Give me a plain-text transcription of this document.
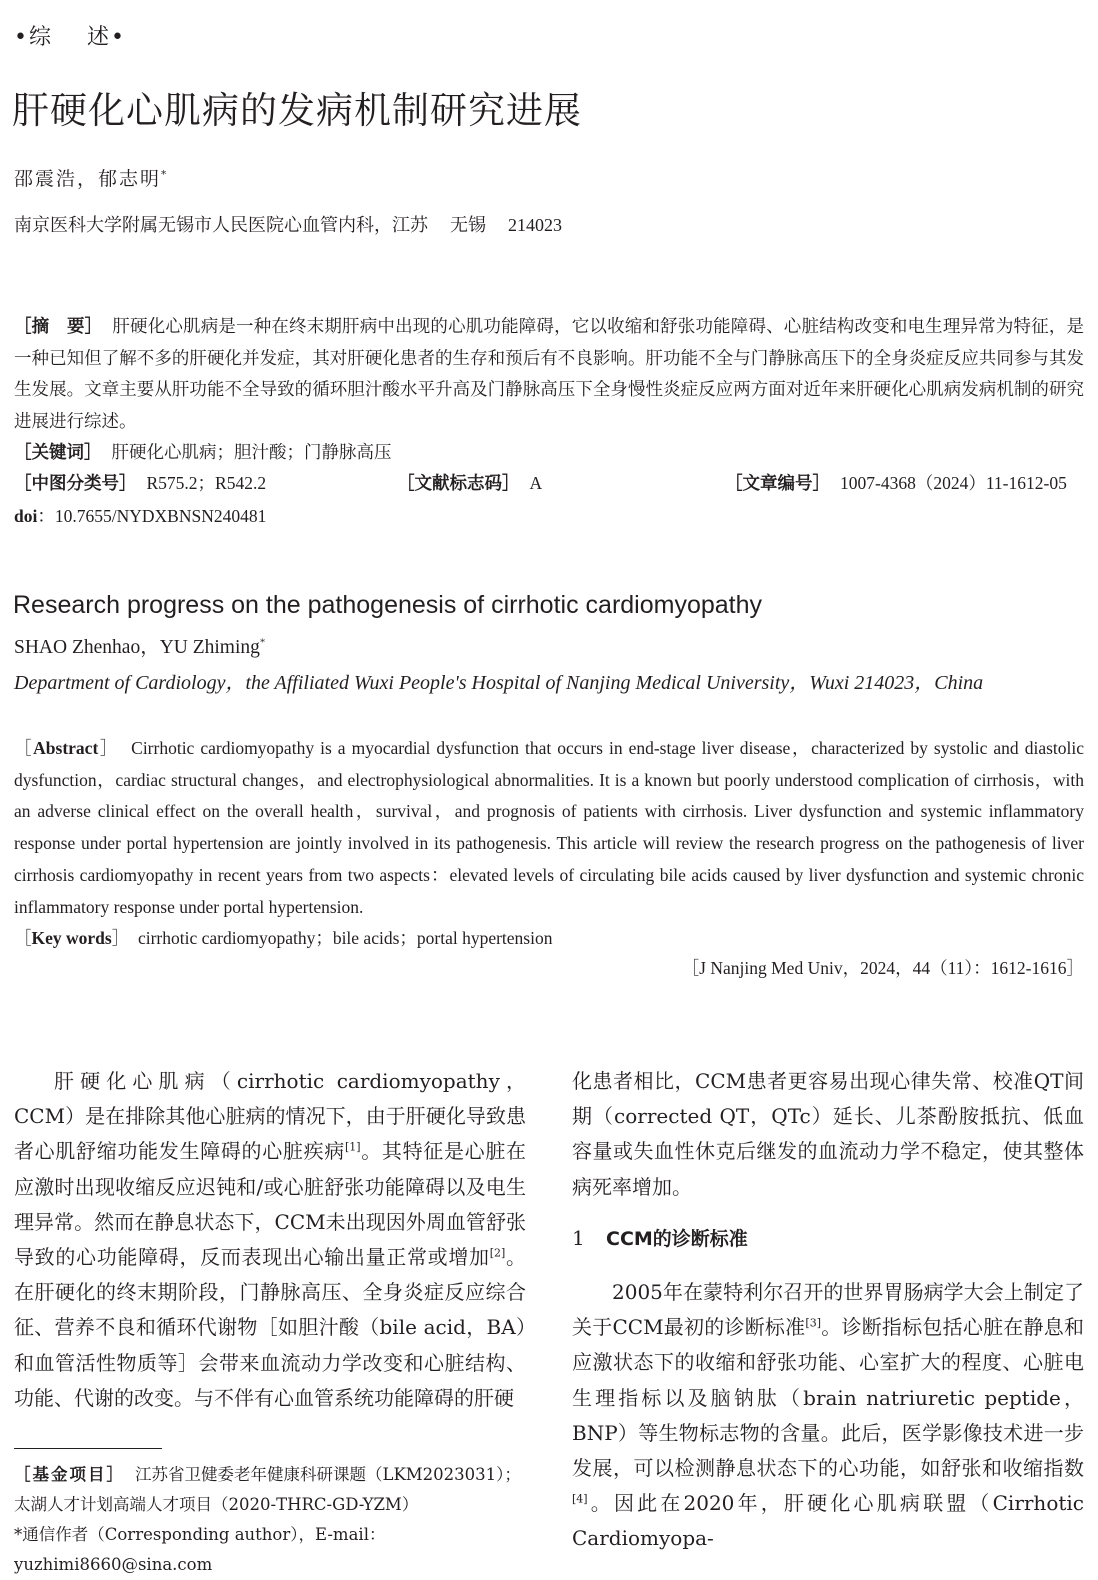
•综 述•
肝硬化心肌病的发病机制研究进展
邵震浩，郁志明*
南京医科大学附属无锡市人民医院心血管内科，江苏 无锡 214023
［摘　要］ 肝硬化心肌病是一种在终末期肝病中出现的心肌功能障碍，它以收缩和舒张功能障碍、心脏结构改变和电生理异常为特征，是一种已知但了解不多的肝硬化并发症，其对肝硬化患者的生存和预后有不良影响。肝功能不全与门静脉高压下的全身炎症反应共同参与其发生发展。文章主要从肝功能不全导致的循环胆汁酸水平升高及门静脉高压下全身慢性炎症反应两方面对近年来肝硬化心肌病发病机制的研究进展进行综述。
［关键词］ 肝硬化心肌病；胆汁酸；门静脉高压
［中图分类号］ R575.2；R542.2	［文献标志码］ A	［文章编号］ 1007-4368（2024）11-1612-05
doi：10.7655/NYDXBNSN240481
Research progress on the pathogenesis of cirrhotic cardiomyopathy
SHAO Zhenhao，YU Zhiming*
Department of Cardiology，the Affiliated Wuxi People's Hospital of Nanjing Medical University，Wuxi 214023，China
［Abstract］  Cirrhotic cardiomyopathy is a myocardial dysfunction that occurs in end-stage liver disease，characterized by systolic and diastolic dysfunction，cardiac structural changes，and electrophysiological abnormalities. It is a known but poorly understood complication of cirrhosis，with an adverse clinical effect on the overall health，survival，and prognosis of patients with cirrhosis. Liver dysfunction and systemic inflammatory response under portal hypertension are jointly involved in its pathogenesis. This article will review the research progress on the pathogenesis of liver cirrhosis cardiomyopathy in recent years from two aspects：elevated levels of circulating bile acids caused by liver dysfunction and systemic chronic inflammatory response under portal hypertension.
［Key words］  cirrhotic cardiomyopathy；bile acids；portal hypertension
［J Nanjing Med Univ，2024，44（11）：1612-1616］

肝硬化心肌病（cirrhotic cardiomyopathy，CCM）是在排除其他心脏病的情况下，由于肝硬化导致患者心肌舒缩功能发生障碍的心脏疾病[1]。其特征是心脏在应激时出现收缩反应迟钝和/或心脏舒张功能障碍以及电生理异常。然而在静息状态下，CCM未出现因外周血管舒张导致的心功能障碍，反而表现出心输出量正常或增加[2]。在肝硬化的终末期阶段，门静脉高压、全身炎症反应综合征、营养不良和循环代谢物［如胆汁酸（bile acid，BA）和血管活性物质等］会带来血流动力学改变和心脏结构、功能、代谢的改变。与不伴有心血管系统功能障碍的肝硬

［基金项目］ 江苏省卫健委老年健康科研课题（LKM2023031）；太湖人才计划高端人才项目（2020-THRC-GD-YZM）

*通信作者（Corresponding author），E-mail：yuzhimi8660@sina.com

化患者相比，CCM患者更容易出现心律失常、校准QT间期（corrected QT，QTc）延长、儿茶酚胺抵抗、低血容量或失血性休克后继发的血流动力学不稳定，使其整体病死率增加。

1 CCM的诊断标准

2005年在蒙特利尔召开的世界胃肠病学大会上制定了关于CCM最初的诊断标准[3]。诊断指标包括心脏在静息和应激状态下的收缩和舒张功能、心室扩大的程度、心脏电生理指标以及脑钠肽（brain natriuretic peptide，BNP）等生物标志物的含量。此后，医学影像技术进一步发展，可以检测静息状态下的心功能，如舒张和收缩指数[4]。因此在2020年，肝硬化心肌病联盟（Cirrhotic Cardiomyopa-
